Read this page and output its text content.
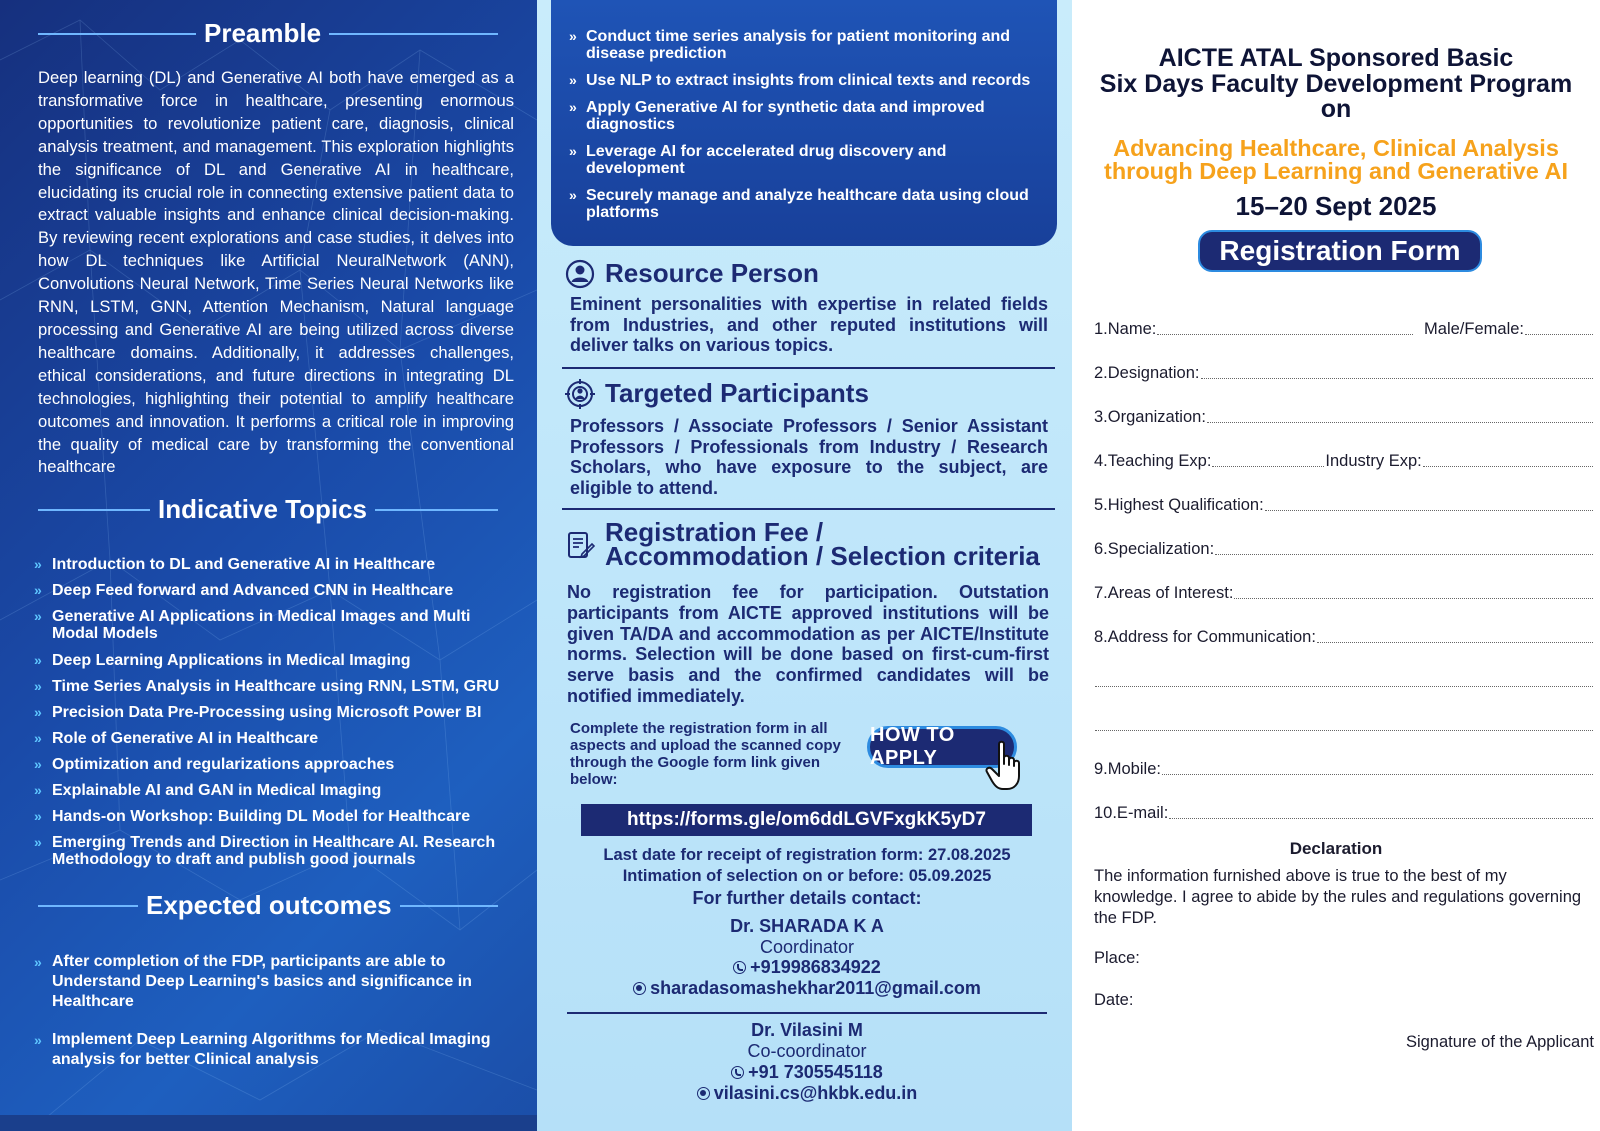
Preamble
Deep learning (DL) and Generative AI both have emerged as a transformative force in healthcare, presenting enormous opportunities to revolutionize patient care, diagnosis, clinical analysis treatment, and management. This exploration highlights the significance of DL and Generative AI in healthcare, elucidating its crucial role in connecting extensive patient data to extract valuable insights and enhance clinical decision-making. By reviewing recent explorations and case studies, it delves into how DL techniques like Artificial NeuralNetwork (ANN), Convolutions Neural Network, Time Series Neural Networks like RNN, LSTM, GNN, Attention Mechanism, Natural language processing and Generative AI are being utilized across diverse healthcare domains. Additionally, it addresses challenges, ethical considerations, and future directions in integrating DL technologies, highlighting their potential to amplify healthcare outcomes and innovation. It performs a critical role in improving the quality of medical care by transforming the conventional healthcare
Indicative Topics
» Introduction to DL and Generative AI in Healthcare
» Deep Feed forward and Advanced CNN in Healthcare
» Generative AI Applications in Medical Images and Multi Modal Models
» Deep Learning Applications in Medical Imaging
» Time Series Analysis in Healthcare using RNN, LSTM, GRU
» Precision Data Pre-Processing using Microsoft Power BI
» Role of Generative AI in Healthcare
» Optimization and regularizations approaches
» Explainable AI and GAN in Medical Imaging
» Hands-on Workshop: Building DL Model for Healthcare
» Emerging Trends and Direction in Healthcare AI. Research Methodology to draft and publish good journals
Expected outcomes
» After completion of the FDP, participants are able to Understand Deep Learning's basics and significance in Healthcare
» Implement Deep Learning Algorithms for Medical Imaging analysis for better Clinical analysis
» Conduct time series analysis for patient monitoring and disease prediction
» Use NLP to extract insights from clinical texts and records
» Apply Generative AI for synthetic data and improved diagnostics
» Leverage AI for accelerated drug discovery and development
» Securely manage and analyze healthcare data using cloud platforms
Resource Person
Eminent personalities with expertise in related fields from Industries, and other reputed institutions will deliver talks on various topics.
Targeted Participants
Professors / Associate Professors / Senior Assistant Professors / Professionals from Industry / Research Scholars, who have exposure to the subject, are eligible to attend.
Registration Fee /
Accommodation / Selection criteria
No registration fee for participation. Outstation participants from AICTE approved institutions will be given TA/DA and accommodation as per AICTE/Institute norms. Selection will be done based on first-cum-first serve basis and the confirmed candidates will be notified immediately.
Complete the registration form in all aspects and upload the scanned copy through the Google form link given below:
HOW TO APPLY
https://forms.gle/om6ddLGVFxgkK5yD7
Last date for receipt of registration form: 27.08.2025
Intimation of selection on or before: 05.09.2025
For further details contact:
Dr. SHARADA K A
Coordinator
+919986834922
sharadasomashekhar2011@gmail.com
Dr. Vilasini M
Co-coordinator
+91 7305545118
vilasini.cs@hkbk.edu.in
AICTE ATAL Sponsored Basic
Six Days Faculty Development Program
on
Advancing Healthcare, Clinical Analysis
through Deep Learning and Generative AI
15–20 Sept 2025
Registration Form
1.Name:	Male/Female:
2.Designation:
3.Organization:
4.Teaching Exp:	Industry Exp:
5.Highest Qualification:
6.Specialization:
7.Areas of Interest:
8.Address for Communication:
9.Mobile:
10.E-mail:
Declaration
The information furnished above is true to the best of my knowledge. I agree to abide by the rules and regulations governing the FDP.
Place:
Date:
Signature of the Applicant
